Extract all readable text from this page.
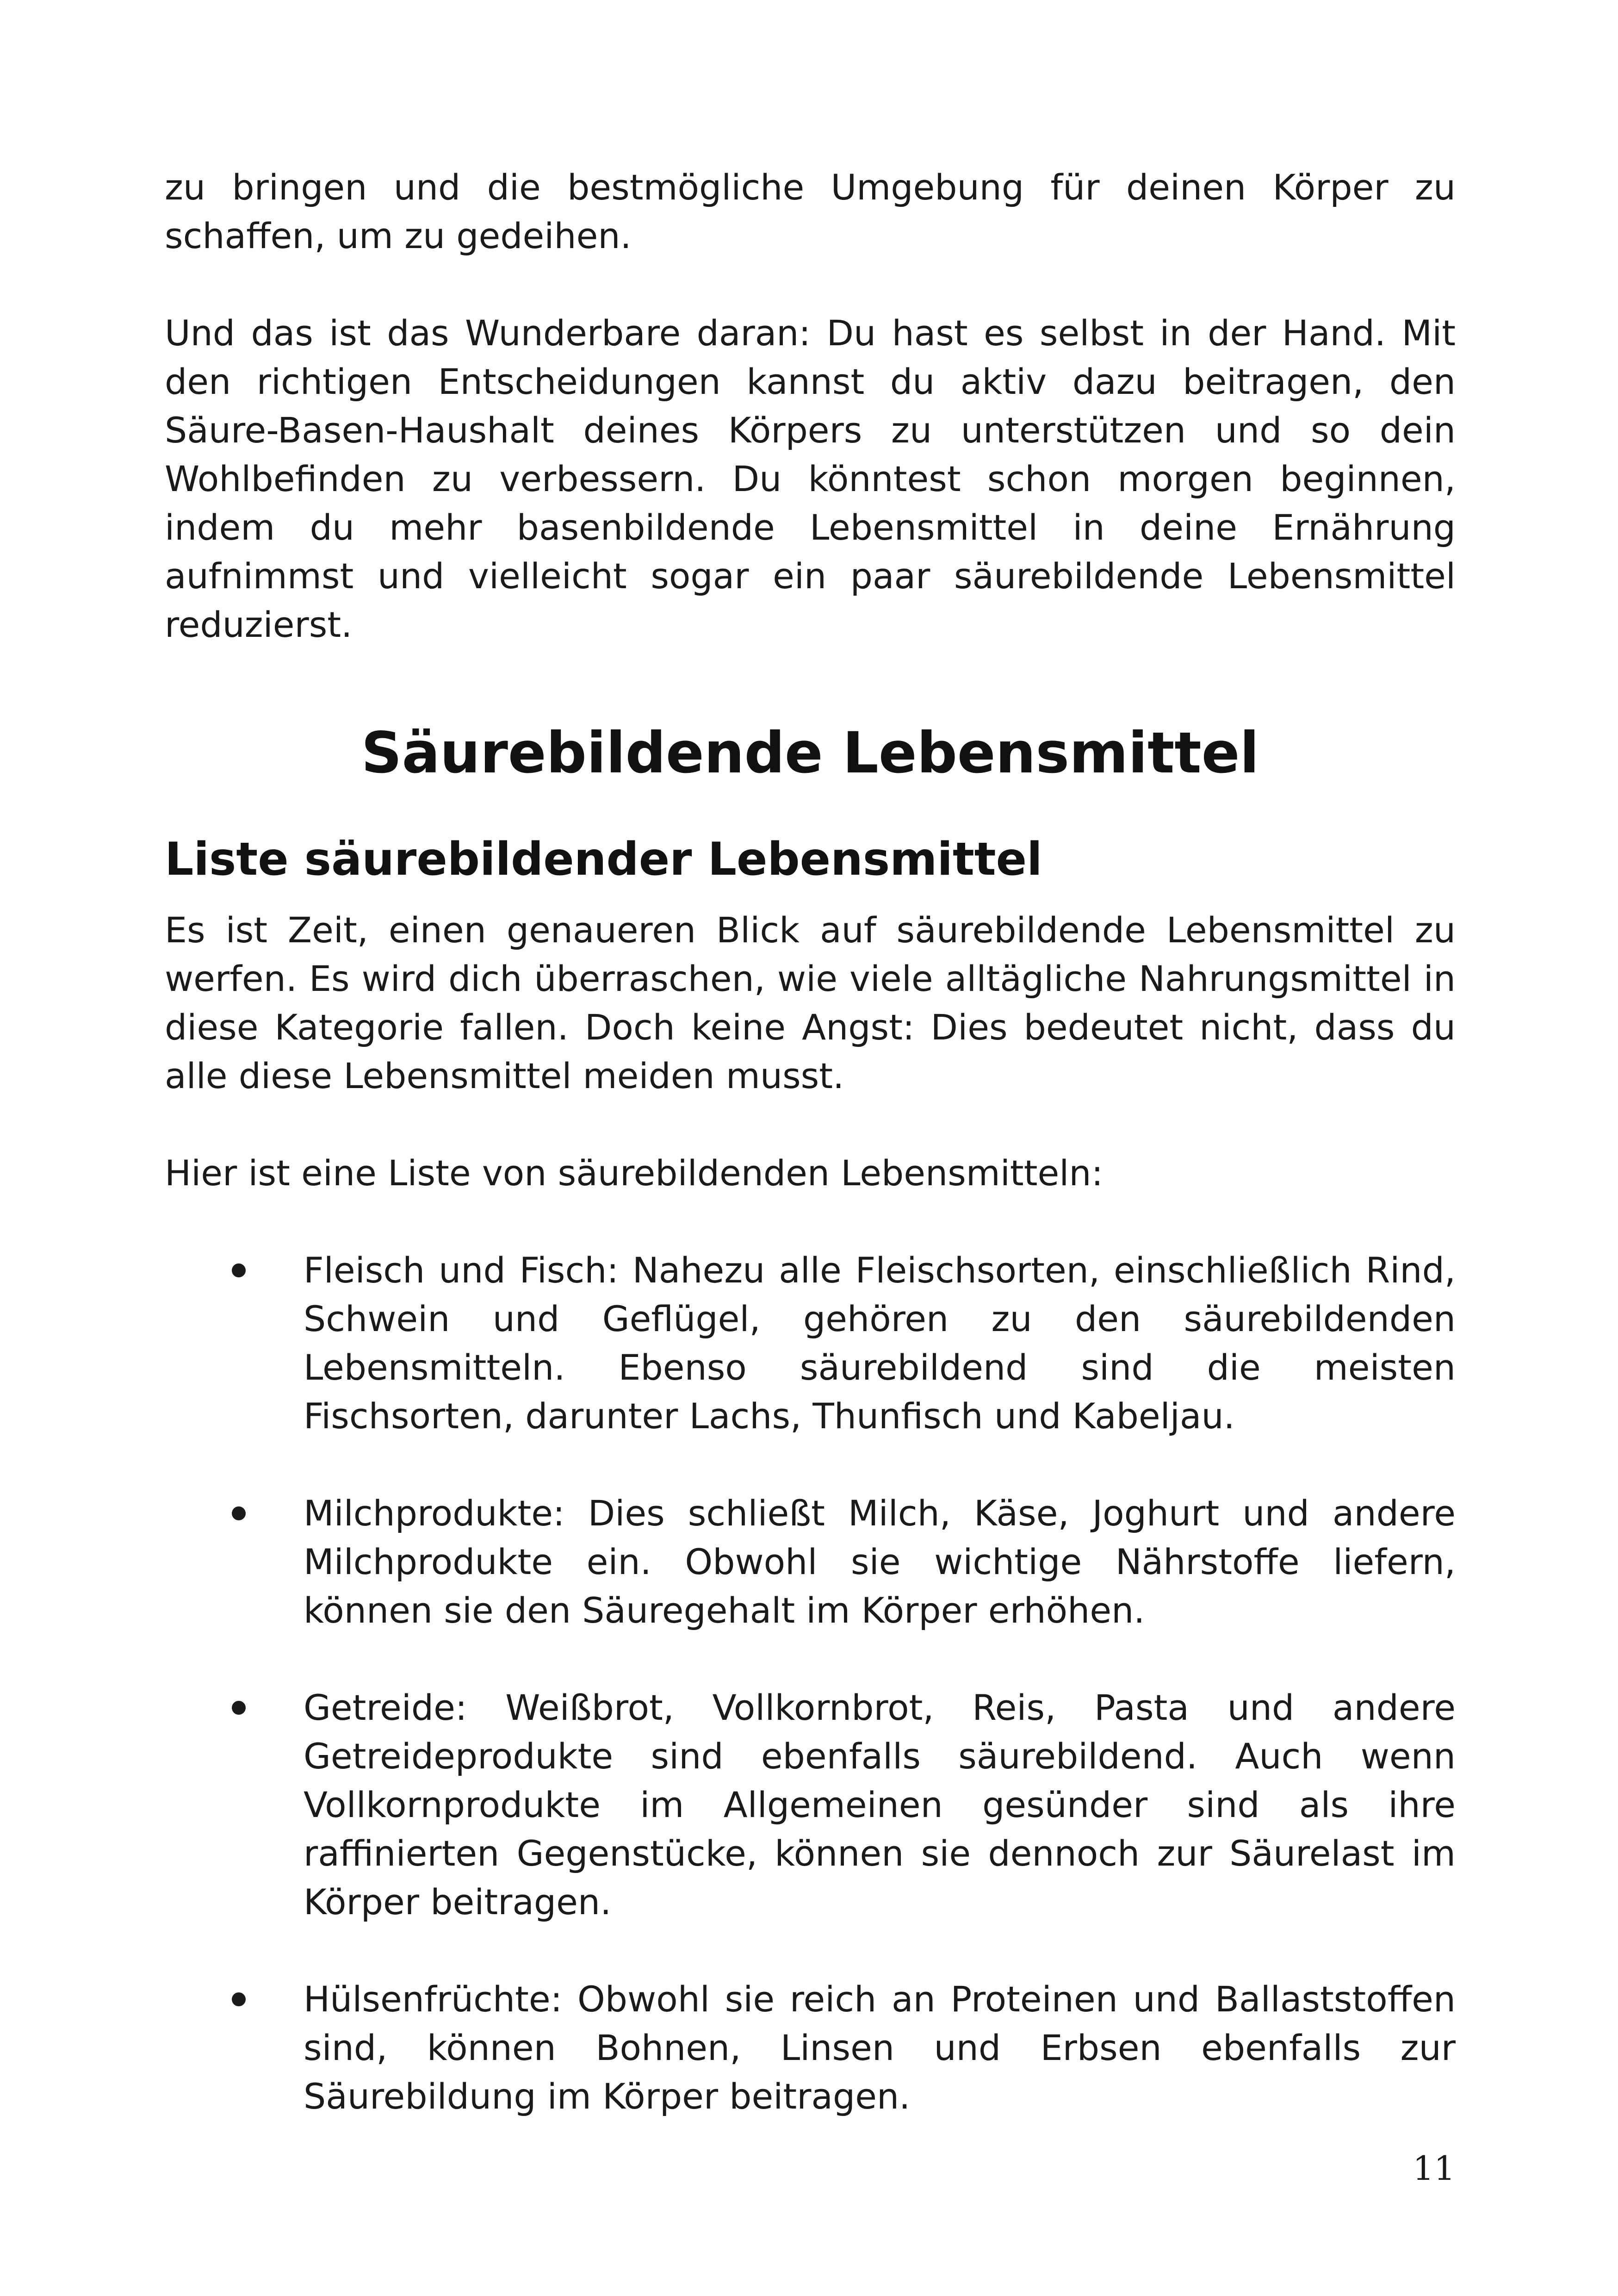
zu bringen und die bestmögliche Umgebung für deinen Körper zu schaffen, um zu gedeihen.

Und das ist das Wunderbare daran: Du hast es selbst in der Hand. Mit den richtigen Entscheidungen kannst du aktiv dazu beitragen, den Säure-Basen-Haushalt deines Körpers zu unterstützen und so dein Wohlbefinden zu verbessern. Du könntest schon morgen beginnen, indem du mehr basenbildende Lebensmittel in deine Ernährung aufnimmst und vielleicht sogar ein paar säurebildende Lebensmittel reduzierst.

Säurebildende Lebensmittel
Liste säurebildender Lebensmittel

Es ist Zeit, einen genaueren Blick auf säurebildende Lebensmittel zu werfen. Es wird dich überraschen, wie viele alltägliche Nahrungsmittel in diese Kategorie fallen. Doch keine Angst: Dies bedeutet nicht, dass du alle diese Lebensmittel meiden musst.

Hier ist eine Liste von säurebildenden Lebensmitteln:

Fleisch und Fisch: Nahezu alle Fleischsorten, einschließlich Rind, Schwein und Geflügel, gehören zu den säurebildenden Lebensmitteln. Ebenso säurebildend sind die meisten Fischsorten, darunter Lachs, Thunfisch und Kabeljau.

Milchprodukte: Dies schließt Milch, Käse, Joghurt und andere Milchprodukte ein. Obwohl sie wichtige Nährstoffe liefern, können sie den Säuregehalt im Körper erhöhen.

Getreide: Weißbrot, Vollkornbrot, Reis, Pasta und andere Getreideprodukte sind ebenfalls säurebildend. Auch wenn Vollkornprodukte im Allgemeinen gesünder sind als ihre raffinierten Gegenstücke, können sie dennoch zur Säurelast im Körper beitragen.

Hülsenfrüchte: Obwohl sie reich an Proteinen und Ballaststoffen sind, können Bohnen, Linsen und Erbsen ebenfalls zur Säurebildung im Körper beitragen.

11
